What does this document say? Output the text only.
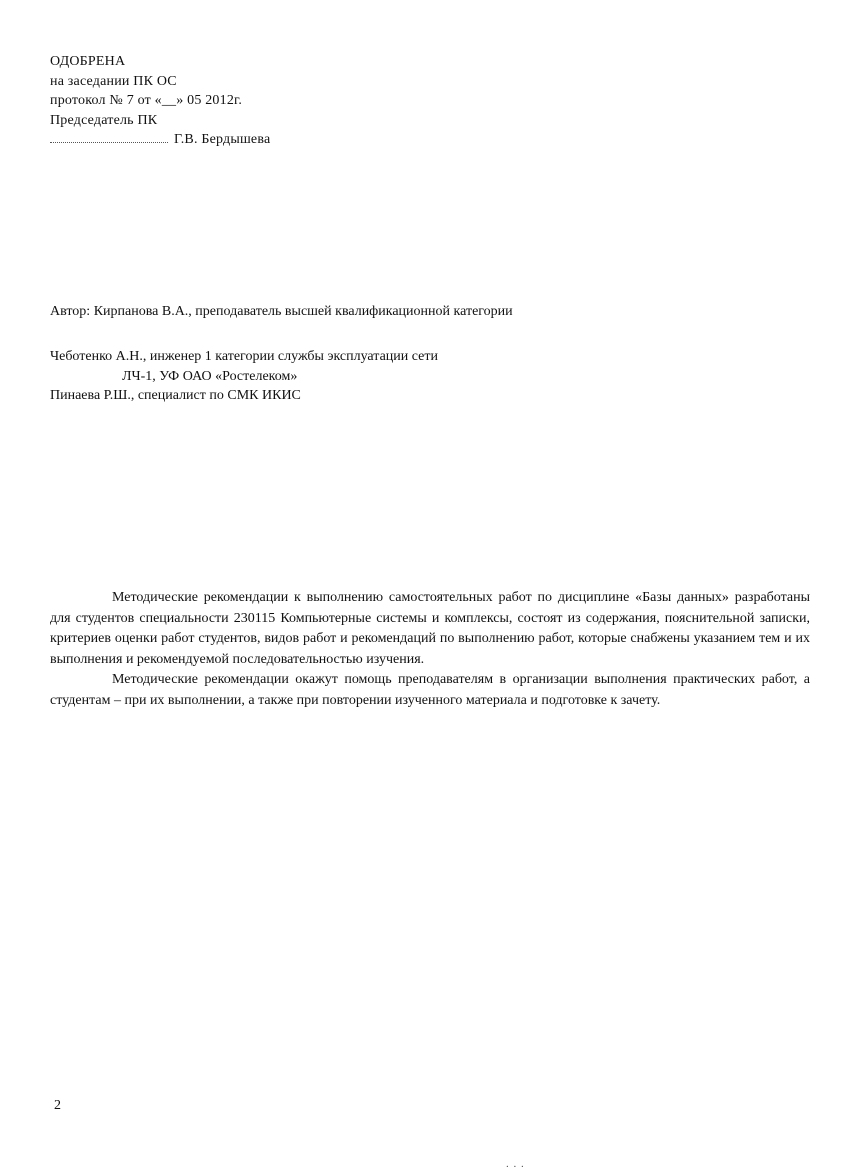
ОДОБРЕНА
на заседании ПК ОС
протокол № 7 от «__» 05 2012г.
Председатель ПК
Г.В. Бердышева
Автор: Кирпанова В.А., преподаватель высшей квалификационной категории
Чеботенко А.Н., инженер 1 категории службы эксплуатации сети
ЛЧ-1, УФ ОАО «Ростелеком»
Пинаева Р.Ш., специалист по СМК ИКИС

Методические рекомендации к выполнению самостоятельных работ по дисциплине «Базы данных» разработаны для студентов специальности 230115 Компьютерные системы и комплексы, состоят из содержания, пояснительной записки, критериев оценки работ студентов, видов работ и рекомендаций по выполнению работ, которые снабжены указанием тем и их выполнения и рекомендуемой последовательностью изучения.

Методические рекомендации окажут помощь преподавателям в организации выполнения практических работ, а студентам – при их выполнении, а также при повторении изученного материала и подготовке к зачету.

2
. . .
